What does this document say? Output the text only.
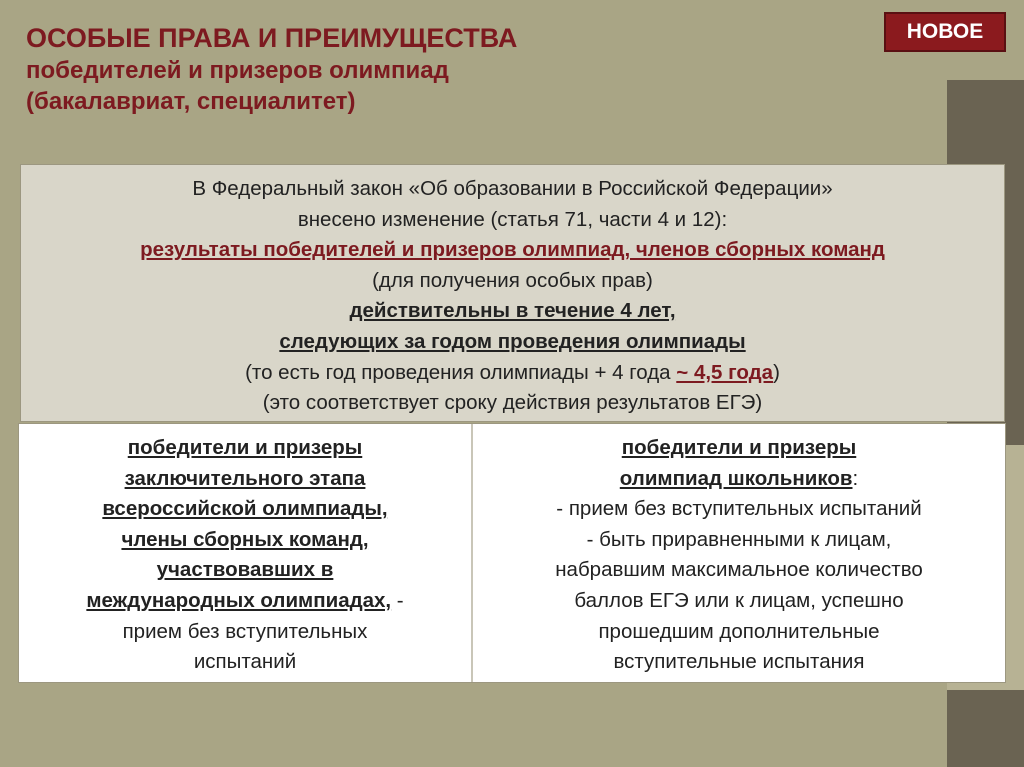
ОСОБЫЕ ПРАВА И ПРЕИМУЩЕСТВА
победителей и призеров олимпиад
(бакалавриат, специалитет)
НОВОЕ
В Федеральный закон «Об образовании в Российской Федерации»
внесено изменение (статья 71, части 4 и 12):
результаты победителей и призеров олимпиад, членов сборных команд
(для получения особых прав)
действительны в течение 4 лет,
следующих за годом проведения олимпиады
(то есть год проведения олимпиады + 4 года ~ 4,5 года)
(это соответствует сроку действия результатов ЕГЭ)
победители и призеры
заключительного этапа
всероссийской олимпиады,
члены сборных команд,
участвовавших в
международных олимпиадах, -
прием без вступительных
испытаний
победители и призеры
олимпиад школьников:
- прием без вступительных испытаний
- быть приравненными к лицам,
набравшим максимальное количество
баллов ЕГЭ или к лицам, успешно
прошедшим дополнительные
вступительные испытания
